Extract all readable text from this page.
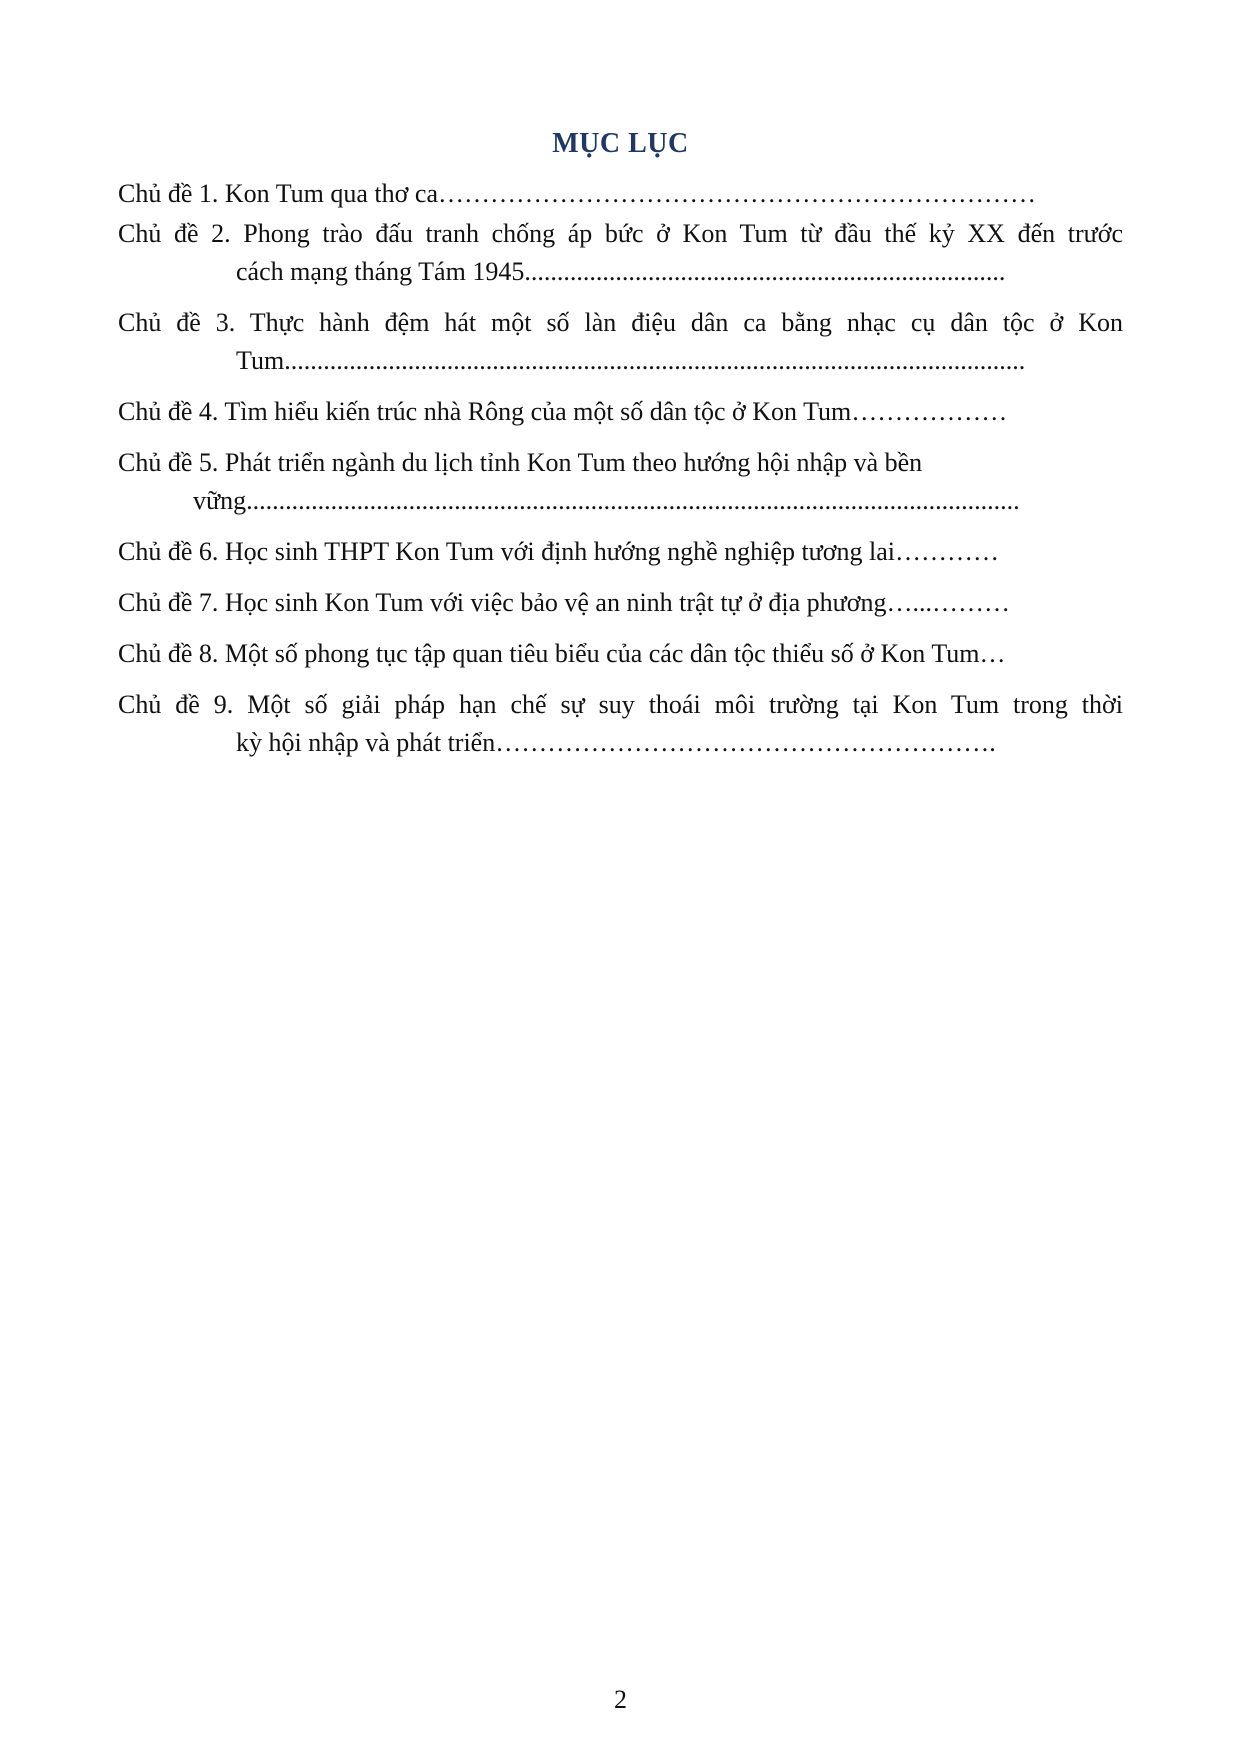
MỤC LỤC
Chủ đề 1. Kon Tum qua thơ ca……………………………………………………………
Chủ đề 2. Phong trào đấu tranh chống áp bức ở Kon Tum từ đầu thế kỷ XX đến trước
cách mạng tháng Tám 1945..........................................................................
Chủ đề 3. Thực hành đệm hát một số làn điệu dân ca bằng nhạc cụ dân tộc ở Kon
Tum..................................................................................................................
Chủ đề 4. Tìm hiểu kiến trúc nhà Rông của một số dân tộc ở Kon Tum………………
Chủ đề 5. Phát triển ngành du lịch tỉnh Kon Tum theo hướng hội nhập và bền
vững.......................................................................................................................
Chủ đề 6. Học sinh THPT Kon Tum với định hướng nghề nghiệp tương lai…………
Chủ đề 7. Học sinh Kon Tum với việc bảo vệ an ninh trật tự ở địa phương…...………
Chủ đề 8. Một số phong tục tập quan tiêu biểu của các dân tộc thiểu số ở Kon Tum…
Chủ đề 9. Một số giải pháp hạn chế sự suy thoái môi trường tại Kon Tum trong thời
kỳ hội nhập và phát triển………………………………………………….
2
